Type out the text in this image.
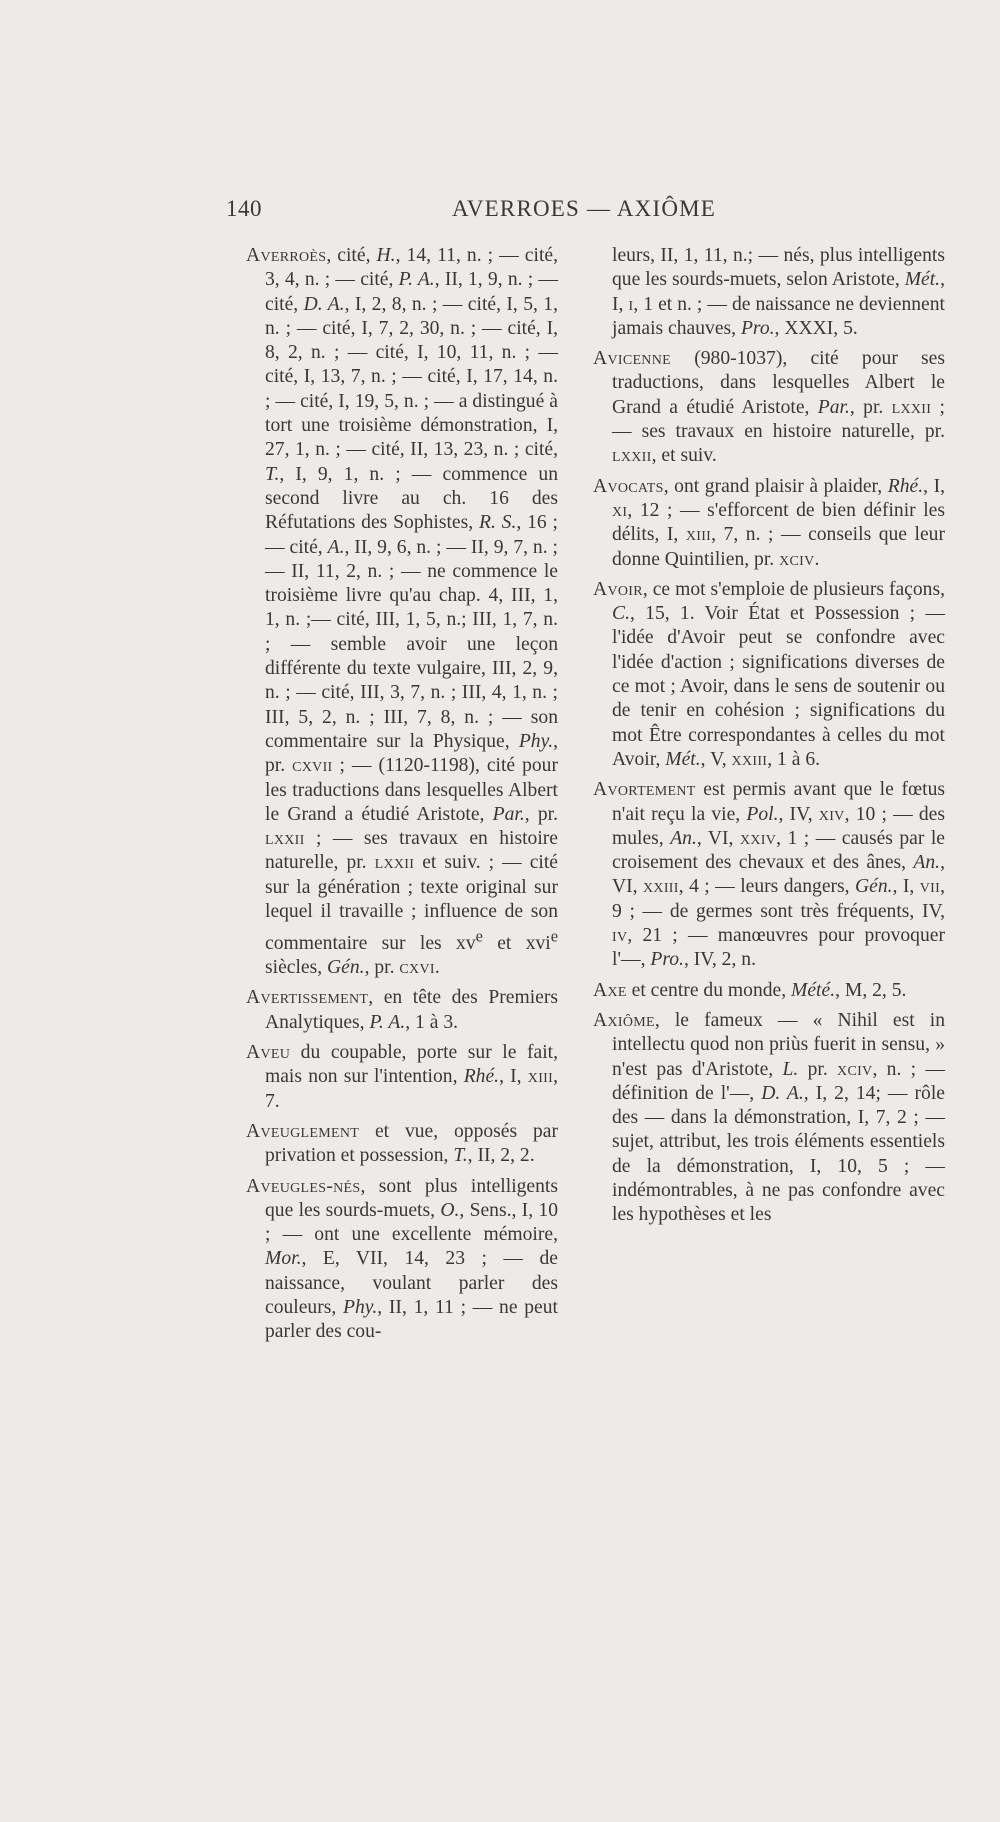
140	AVERROES — AXIÔME

Averroès, cité, H., 14, 11, n. ; — cité, 3, 4, n. ; — cité, P. A., II, 1, 9, n. ; — cité, D. A., I, 2, 8, n. ; — cité, I, 5, 1, n. ; — cité, I, 7, 2, 30, n. ; — cité, I, 8, 2, n. ; — cité, I, 10, 11, n. ; — cité, I, 13, 7, n. ; — cité, I, 17, 14, n. ; — cité, I, 19, 5, n. ; — a distingué à tort une troisième démonstration, I, 27, 1, n. ; — cité, II, 13, 23, n. ; cité, T., I, 9, 1, n. ; — commence un second livre au ch. 16 des Réfutations des Sophistes, R. S., 16 ; — cité, A., II, 9, 6, n. ; — II, 9, 7, n. ; — II, 11, 2, n. ; — ne commence le troisième livre qu'au chap. 4, III, 1, 1, n. ;— cité, III, 1, 5, n.; III, 1, 7, n. ; — semble avoir une leçon différente du texte vulgaire, III, 2, 9, n. ; — cité, III, 3, 7, n. ; III, 4, 1, n. ; III, 5, 2, n. ; III, 7, 8, n. ; — son commentaire sur la Physique, Phy., pr. cxvii ; — (1120-1198), cité pour les traductions dans lesquelles Albert le Grand a étudié Aristote, Par., pr. lxxii ; — ses travaux en histoire naturelle, pr. lxxii et suiv. ; — cité sur la génération ; texte original sur lequel il travaille ; influence de son commentaire sur les $xv^e$ et xvi$^e$ siècles, Gén., pr. cxvi.

Avertissement, en tête des Premiers Analytiques, P. A., 1 à 3.

Aveu du coupable, porte sur le fait, mais non sur l'intention, Rhé., I, xiii, 7.

Aveuglement et vue, opposés par privation et possession, T., II, 2, 2.

Aveugles-nés, sont plus intelligents que les sourds-muets, O., Sens., I, 10 ; — ont une excellente mémoire, Mor., E, VII, 14, 23 ; — de naissance, voulant parler des couleurs, Phy., II, 1, 11 ; — ne peut parler des cou-

leurs, II, 1, 11, n.; — nés, plus intelligents que les sourds-muets, selon Aristote, Mét., I, i, 1 et n. ; — de naissance ne deviennent jamais chauves, Pro., XXXI, 5.

Avicenne (980-1037), cité pour ses traductions, dans lesquelles Albert le Grand a étudié Aristote, Par., pr. lxxii ; — ses travaux en histoire naturelle, pr. lxxii, et suiv.

Avocats, ont grand plaisir à plaider, Rhé., I, xi, 12 ; — s'efforcent de bien définir les délits, I, xiii, 7, n. ; — conseils que leur donne Quintilien, pr. xciv.

Avoir, ce mot s'emploie de plusieurs façons, C., 15, 1. Voir État et Possession ; — l'idée d'Avoir peut se confondre avec l'idée d'action ; significations diverses de ce mot ; Avoir, dans le sens de soutenir ou de tenir en cohésion ; significations du mot Être correspondantes à celles du mot Avoir, Mét., V, xxiii, 1 à 6.

Avortement est permis avant que le fœtus n'ait reçu la vie, Pol., IV, xiv, 10 ; — des mules, An., VI, xxiv, 1 ; — causés par le croisement des chevaux et des ânes, An., VI, xxiii, 4 ; — leurs dangers, Gén., I, vii, 9 ; — de germes sont très fréquents, IV, iv, 21 ; — manœuvres pour provoquer l'—, Pro., IV, 2, n.

Axe et centre du monde, Mété., M, 2, 5.

Axiôme, le fameux — « Nihil est in intellectu quod non priùs fuerit in sensu, » n'est pas d'Aristote, L. pr. xciv, n. ; — définition de l'—, D. A., I, 2, 14; — rôle des — dans la démonstration, I, 7, 2 ; — sujet, attribut, les trois éléments essentiels de la démonstration, I, 10, 5 ; — indémontrables, à ne pas confondre avec les hypothèses et les
